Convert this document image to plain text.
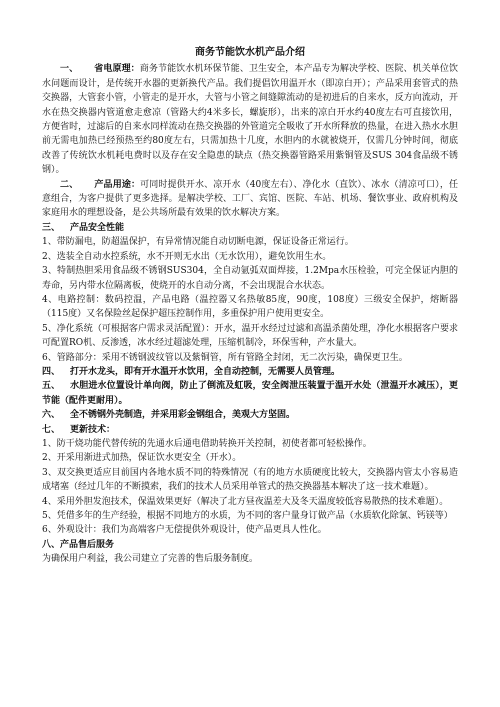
商务节能饮水机产品介绍

一、 省电原理：商务节能饮水机环保节能、卫生安全，本产品专为解决学校、医院、机关单位饮水问题而设计，是传统开水器的更新换代产品。我们提倡饮用温开水（即凉白开）；产品采用套管式的热交换器，大管套小管，小管走的是开水，大管与小管之间缝隙流动的是初进后的自来水，反方向流动，开水在热交换器内管道愈走愈凉（管路大约4米多长，螺旋形），出来的凉白开水约40度左右可直接饮用，方便省时，过滤后的自来水同样流动在热交换器的外管道完全吸收了开水所释放的热量，在进入热水水胆前无需电加热已经预热至约80度左右，只需加热十几度，水胆内的水就被烧开，仅需几分钟时间，彻底改善了传统饮水机耗电费时以及存在安全隐患的缺点（热交换器管路采用紫铜管及SUS 304食品级不锈钢）。

二、 产品用途：可同时提供开水、凉开水（40度左右）、净化水（直饮）、冰水（清凉可口），任意组合，为客户提供了更多选择。是解决学校、工厂、宾馆、医院、车站、机场、餐饮事业、政府机构及家庭用水的理想设备，是公共场所最有效果的饮水解决方案。

三、 产品安全性能

1、带防漏电，防超温保护，有异常情况能自动切断电源，保证设备正常运行。

2、选装全自动水控系统，水不开则无水出（无水饮用），避免饮用生水。

3、特制热胆采用食品级不锈钢SUS304，全自动氩弧双面焊接，1.2Mpa水压检验，可完全保证内胆的寿命，另内带水位隔离板，使烧开的水自动分离，不会出现混合水状态。

4、电路控制：数码控温，产品电路（温控器又名热敏85度，90度，108度）三级安全保护，熔断器（115度）又名保险丝起保护超压控制作用，多重保护用户使用更安全。

5、净化系统（可根据客户需求灵活配置）：开水，温开水经过过滤和高温杀菌处理，净化水根据客户要求可配置RO机、反渗透，冰水经过超滤处理，压缩机制冷，环保雪种，产水量大。

6、管路部分：采用不锈钢波纹管以及紫铜管，所有管路全封闭，无二次污染，确保更卫生。

四、 打开水龙头，即有开水温开水饮用，全自动控制，无需要人员管理。

五、 水胆进水位置设计单向阀，防止了倒流及虹吸，安全阀泄压装置于温开水处（泄温开水减压），更节能（配件更耐用）。

六、 全不锈钢外壳制造，并采用彩金钢组合，美观大方坚固。

七、 更新技术：

1、防干烧功能代替传统的先通水后通电借助转换开关控制，初使者都可轻松操作。

2、开采用渐进式加热，保证饮水更安全（开水）。

3、双交换更适应目前国内各地水质不同的特殊情况（有的地方水质硬度比较大，交换器内管太小容易造成堵塞（经过几年的不断摸索，我们的技术人员采用单管式的热交换器基本解决了这一技术难题）。

4、采用外胆发泡技术，保温效果更好（解决了北方昼夜温差大及冬天温度较低容易散热的技术难题）。

5、凭借多年的生产经验，根据不同地方的水质，为不同的客户量身订做产品（水质软化除氯、钙镁等）

6、外观设计：我们为高端客户无偿提供外观设计，使产品更具人性化。

八、产品售后服务

为确保用户利益，我公司建立了完善的售后服务制度。
